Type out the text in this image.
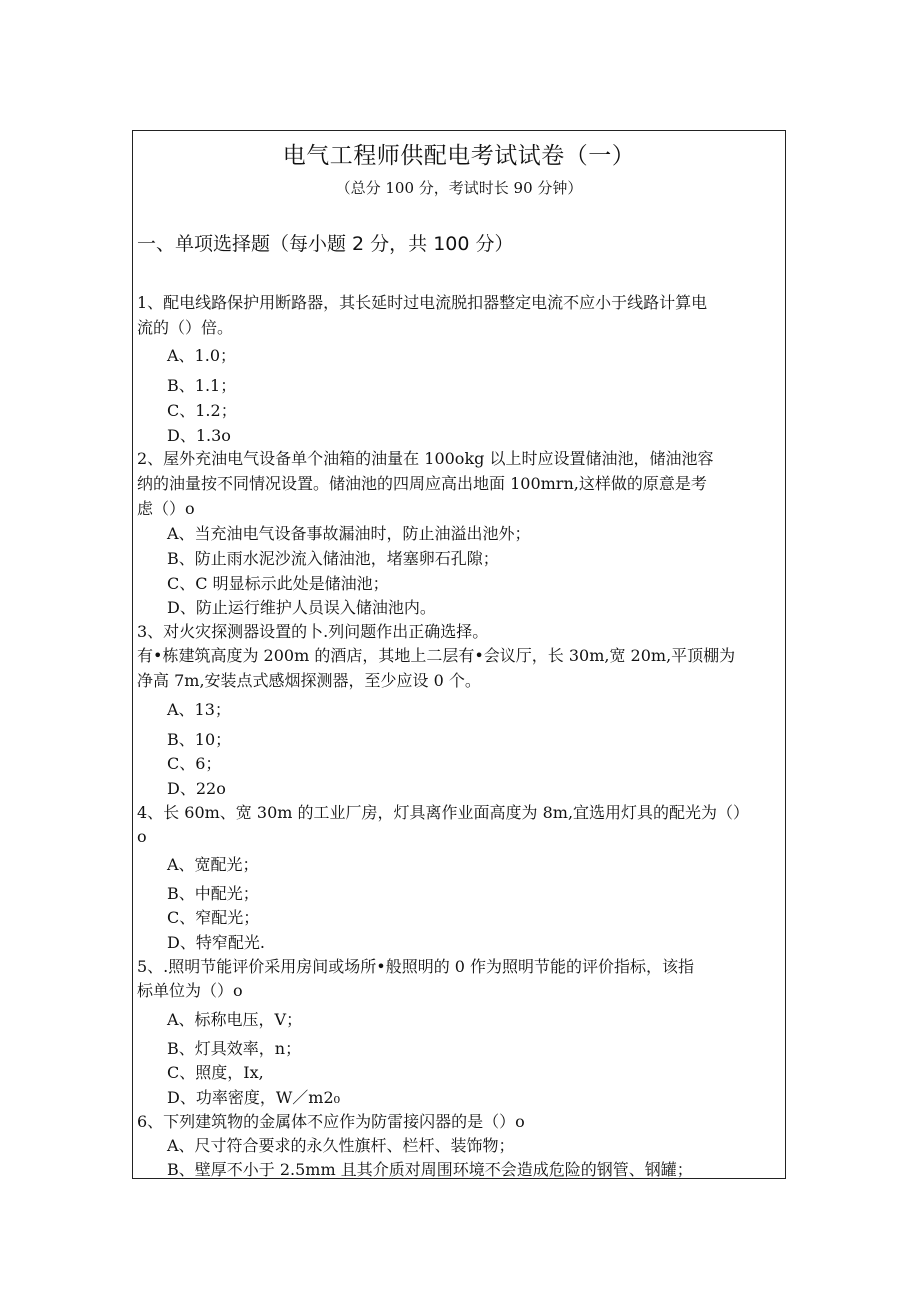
电气工程师供配电考试试卷（一）
（总分 100 分，考试时长 90 分钟）
一、单项选择题（每小题 2 分，共 100 分）
1、配电线路保护用断路器，其长延时过电流脱扣器整定电流不应小于线路计算电
流的（）倍。
A、1.0；
B、1.1；
C、1.2；
D、1.3o
2、屋外充油电气设备单个油箱的油量在 100okg 以上时应设置储油池，储油池容
纳的油量按不同情况设置。储油池的四周应高出地面 100mrn,这样做的原意是考
虑（）o
A、当充油电气设备事故漏油时，防止油溢出池外；
B、防止雨水泥沙流入储油池，堵塞卵石孔隙；
C、C 明显标示此处是储油池；
D、防止运行维护人员误入储油池内。
3、对火灾探测器设置的卜.列问题作出正确选择。
有•栋建筑高度为 200m 的酒店，其地上二层有•会议厅，长 30m,宽 20m,平顶棚为
净高 7m,安装点式感烟探测器，至少应设 0 个。
A、13；
B、10；
C、6；
D、22o
4、长 60m、宽 30m 的工业厂房，灯具离作业面高度为 8m,宜选用灯具的配光为（）
o
A、宽配光；
B、中配光；
C、窄配光；
D、特窄配光.
5、.照明节能评价采用房间或场所•般照明的 0 作为照明节能的评价指标，该指
标单位为（）o
A、标称电压，V；
B、灯具效率，n；
C、照度，Ix,
D、功率密度，W／m2₀
6、下列建筑物的金属体不应作为防雷接闪器的是（）o
A、尺寸符合要求的永久性旗杆、栏杆、装饰物；
B、壁厚不小于 2.5mm 且其介质对周围环境不会造成危险的钢管、钢罐；
